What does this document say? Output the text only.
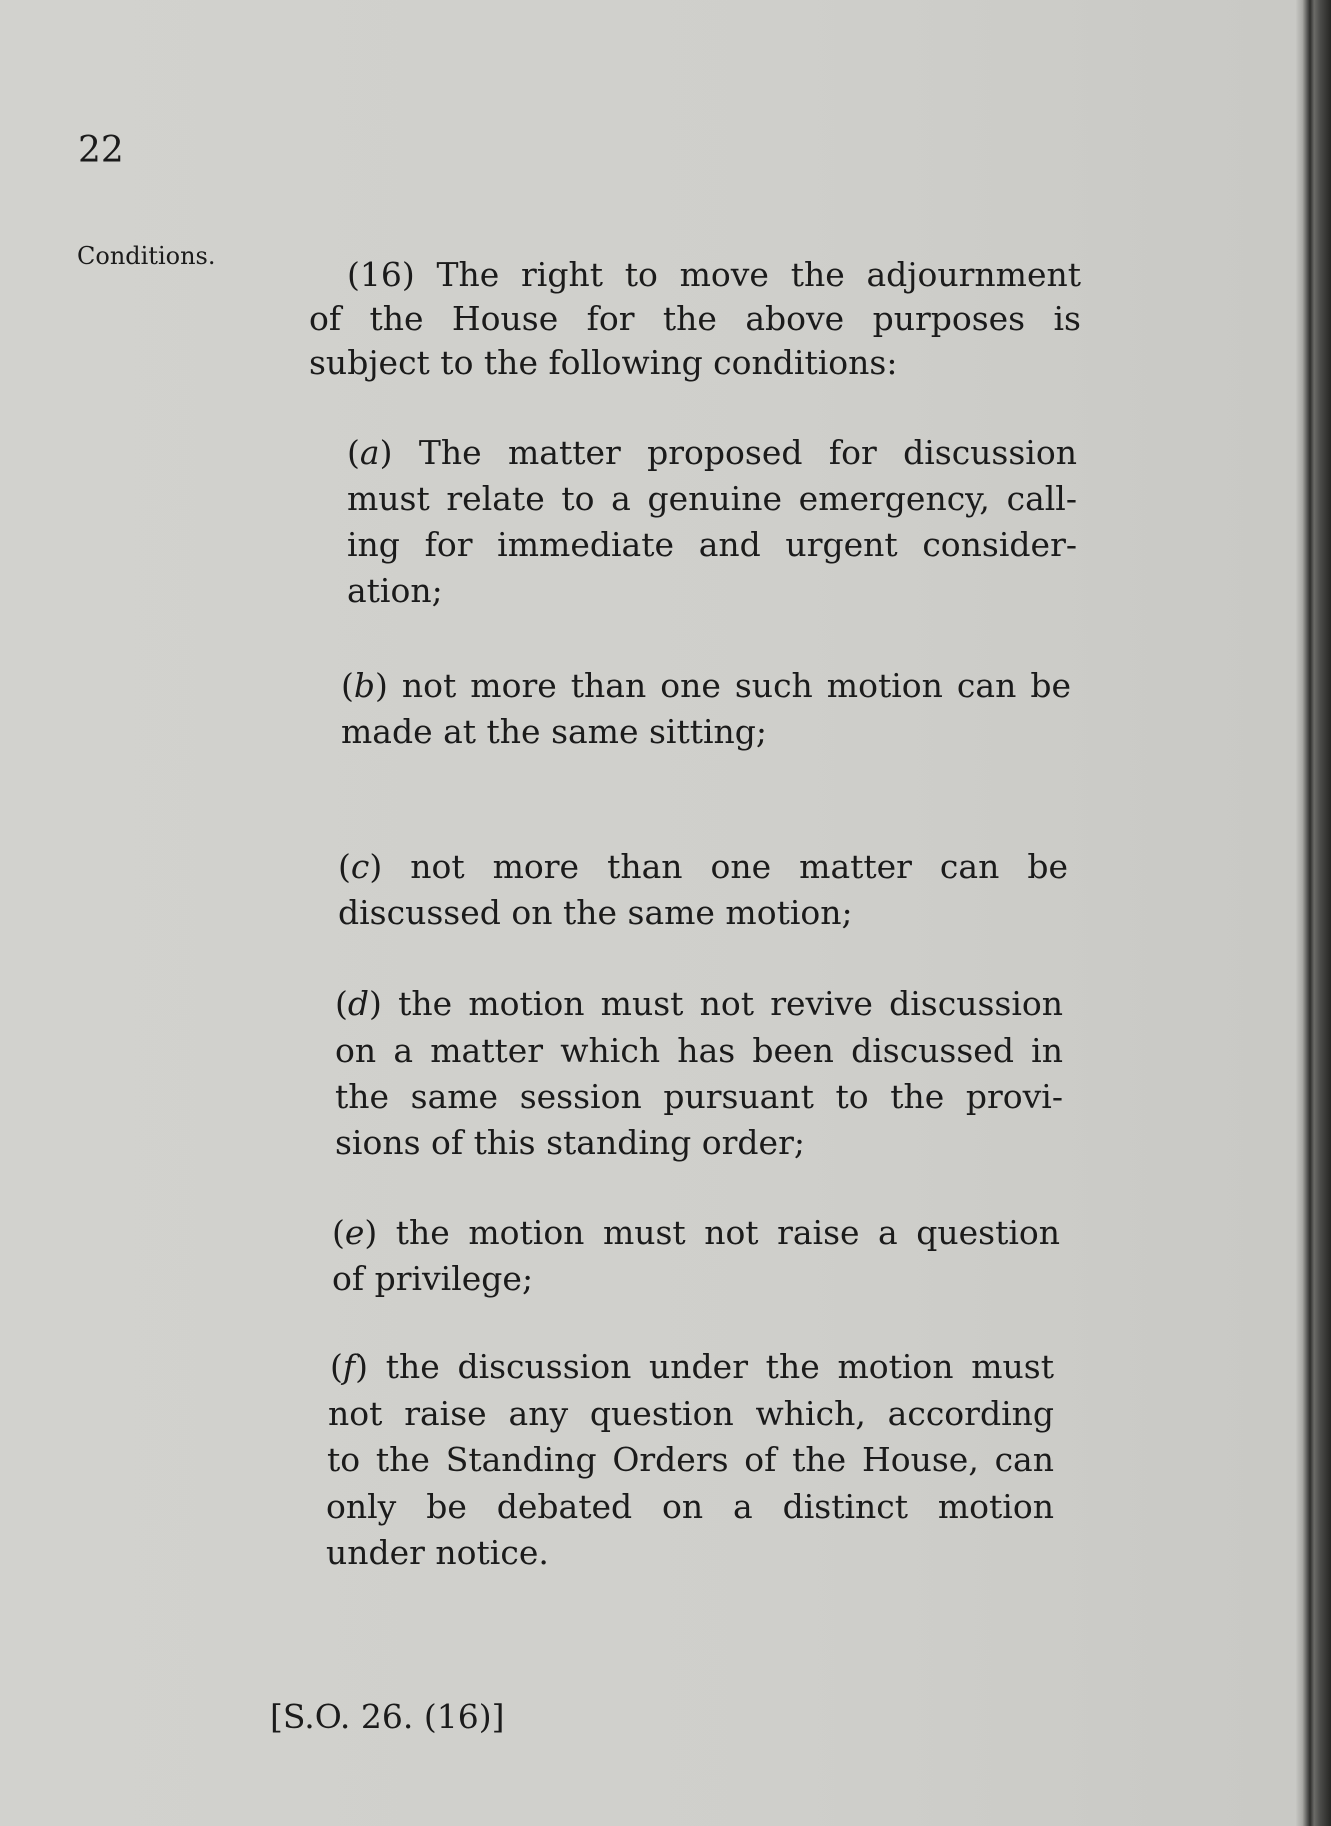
22
Conditions.	(16) The right to move the adjournment
of the House for the above purposes is
subject to the following conditions:
(a) The matter proposed for discussion
must relate to a genuine emergency, call-
ing for immediate and urgent consider-
ation;
(b) not more than one such motion can be
made at the same sitting;
(c) not more than one matter can be
discussed on the same motion;
(d) the motion must not revive discussion
on a matter which has been discussed in
the same session pursuant to the provi-
sions of this standing order;
(e) the motion must not raise a question
of privilege;
(f) the discussion under the motion must
not raise any question which, according
to the Standing Orders of the House, can
only be debated on a distinct motion
under notice.
[S.O. 26. (16)]
